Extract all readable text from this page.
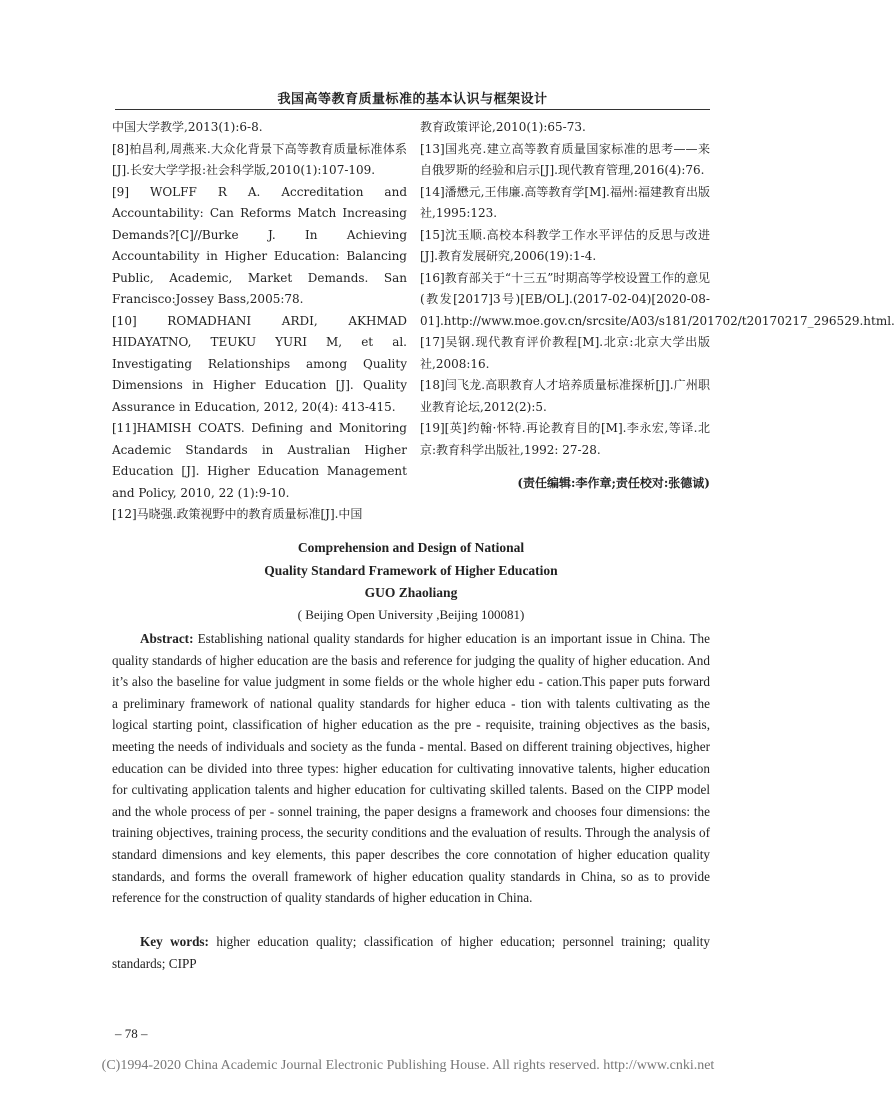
我国高等教育质量标准的基本认识与框架设计

中国大学教学,2013(1):6-8.

[8]柏昌利,周燕来.大众化背景下高等教育质量标准体系[J].长安大学学报:社会科学版,2010(1):107-109.

[9] WOLFF R A. Accreditation and Accountability: Can Reforms Match Increasing Demands?[C]//Burke J. In Achieving Accountability in Higher Education: Balancing Public, Academic, Market Demands. San Francisco:Jossey Bass,2005:78.

[10] ROMADHANI ARDI, AKHMAD HIDAYATNO, TEUKU YURI M, et al. Investigating Relationships among Quality Dimensions in Higher Education [J]. Quality Assurance in Education, 2012, 20(4): 413-415.

[11]HAMISH COATS. Defining and Monitoring Academic Standards in Australian Higher Education [J]. Higher Education Management and Policy, 2010, 22 (1):9-10.

[12]马晓强.政策视野中的教育质量标准[J].中国

教育政策评论,2010(1):65-73.

[13]国兆亮.建立高等教育质量国家标准的思考——来自俄罗斯的经验和启示[J].现代教育管理,2016(4):76.

[14]潘懋元,王伟廉.高等教育学[M].福州:福建教育出版社,1995:123.

[15]沈玉顺.高校本科教学工作水平评估的反思与改进[J].教育发展研究,2006(19):1-4.

[16]教育部关于“十三五”时期高等学校设置工作的意见(教发[2017]3号)[EB/OL].(2017-02-04)[2020-08-01].http://www.moe.gov.cn/srcsite/A03/s181/201702/t20170217_296529.html.

[17]吴钢.现代教育评价教程[M].北京:北京大学出版社,2008:16.

[18]闫飞龙.高职教育人才培养质量标准探析[J].广州职业教育论坛,2012(2):5.

[19][英]约翰·怀特.再论教育目的[M].李永宏,等译.北京:教育科学出版社,1992: 27-28.

(责任编辑:李作章;责任校对:张德诚)

Comprehension and Design of National
Quality Standard Framework of Higher Education
GUO Zhaoliang
( Beijing Open University ,Beijing 100081)

Abstract: Establishing national quality standards for higher education is an important issue in China. The quality standards of higher education are the basis and reference for judging the quality of higher education. And it’s also the baseline for value judgment in some fields or the whole higher edu - cation.This paper puts forward a preliminary framework of national quality standards for higher educa - tion with talents cultivating as the logical starting point, classification of higher education as the pre - requisite, training objectives as the basis, meeting the needs of individuals and society as the funda - mental. Based on different training objectives, higher education can be divided into three types: higher education for cultivating innovative talents, higher education for cultivating application talents and higher education for cultivating skilled talents. Based on the CIPP model and the whole process of per - sonnel training, the paper designs a framework and chooses four dimensions: the training objectives, training process, the security conditions and the evaluation of results. Through the analysis of standard dimensions and key elements, this paper describes the core connotation of higher education quality standards, and forms the overall framework of higher education quality standards in China, so as to provide reference for the construction of quality standards of higher education in China.

Key words: higher education quality; classification of higher education; personnel training; quality standards; CIPP

– 78 –
(C)1994-2020 China Academic Journal Electronic Publishing House. All rights reserved. http://www.cnki.net
